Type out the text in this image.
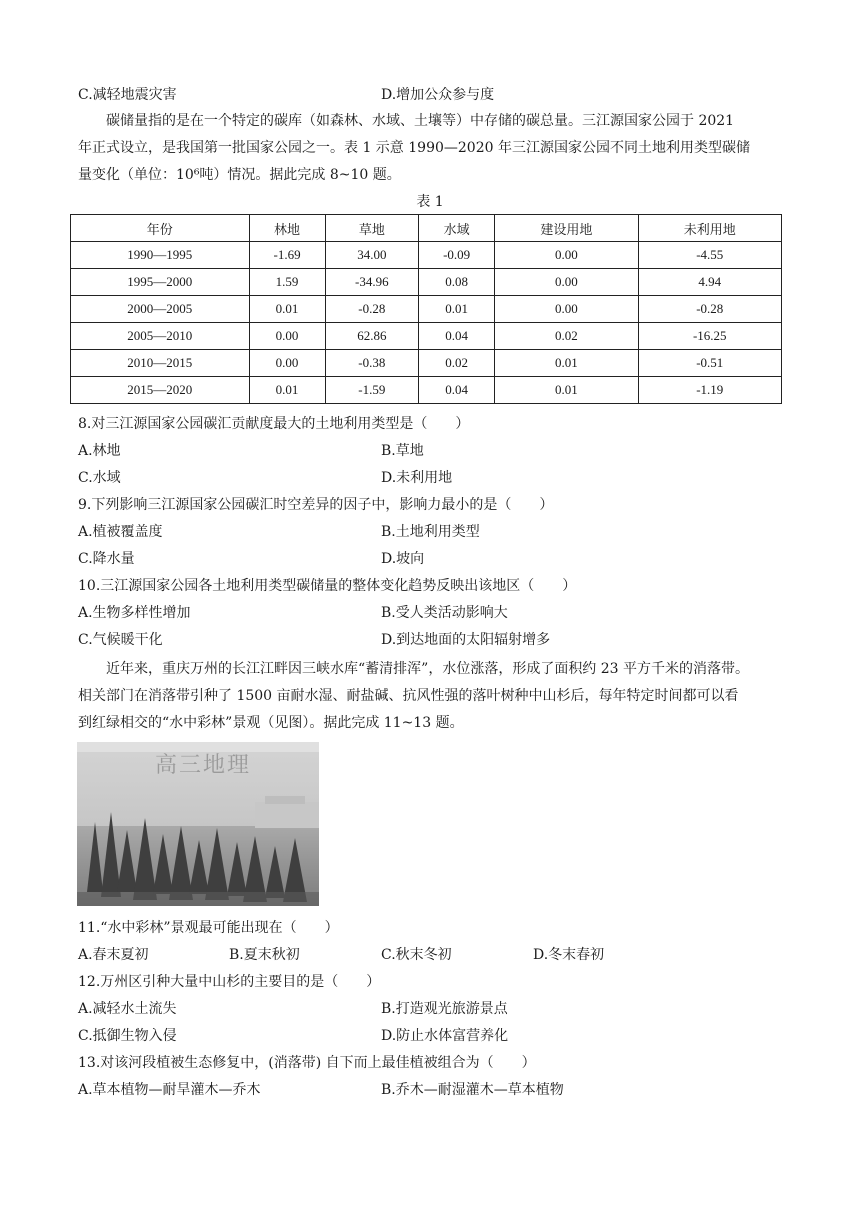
C.减轻地震灾害	D.增加公众参与度
碳储量指的是在一个特定的碳库（如森林、水域、土壤等）中存储的碳总量。三江源国家公园于 2021
年正式设立，是我国第一批国家公园之一。表 1 示意 1990—2020 年三江源国家公园不同土地利用类型碳储
量变化（单位：10⁶吨）情况。据此完成 8~10 题。
表 1
年份	林地	草地	水域	建设用地	未利用地
1990—1995	-1.69	34.00	-0.09	0.00	-4.55
1995—2000	1.59	-34.96	0.08	0.00	4.94
2000—2005	0.01	-0.28	0.01	0.00	-0.28
2005—2010	0.00	62.86	0.04	0.02	-16.25
2010—2015	0.00	-0.38	0.02	0.01	-0.51
2015—2020	0.01	-1.59	0.04	0.01	-1.19
8.对三江源国家公园碳汇贡献度最大的土地利用类型是（　　）
A.林地	B.草地
C.水域	D.未利用地
9.下列影响三江源国家公园碳汇时空差异的因子中，影响力最小的是（　　）
A.植被覆盖度	B.土地利用类型
C.降水量	D.坡向
10.三江源国家公园各土地利用类型碳储量的整体变化趋势反映出该地区（　　）
A.生物多样性增加	B.受人类活动影响大
C.气候暖干化	D.到达地面的太阳辐射增多
近年来，重庆万州的长江江畔因三峡水库“蓄清排浑”，水位涨落，形成了面积约 23 平方千米的消落带。
相关部门在消落带引种了 1500 亩耐水湿、耐盐碱、抗风性强的落叶树种中山杉后，每年特定时间都可以看
到红绿相交的“水中彩林”景观（见图）。据此完成 11~13 题。
高三地理
11.“水中彩林”景观最可能出现在（　　）
A.春末夏初	B.夏末秋初	C.秋末冬初	D.冬末春初
12.万州区引种大量中山杉的主要目的是（　　）
A.减轻水土流失	B.打造观光旅游景点
C.抵御生物入侵	D.防止水体富营养化
13.对该河段植被生态修复中，(消落带) 自下而上最佳植被组合为（　　）
A.草本植物—耐旱灌木—乔木	B.乔木—耐湿灌木—草本植物
